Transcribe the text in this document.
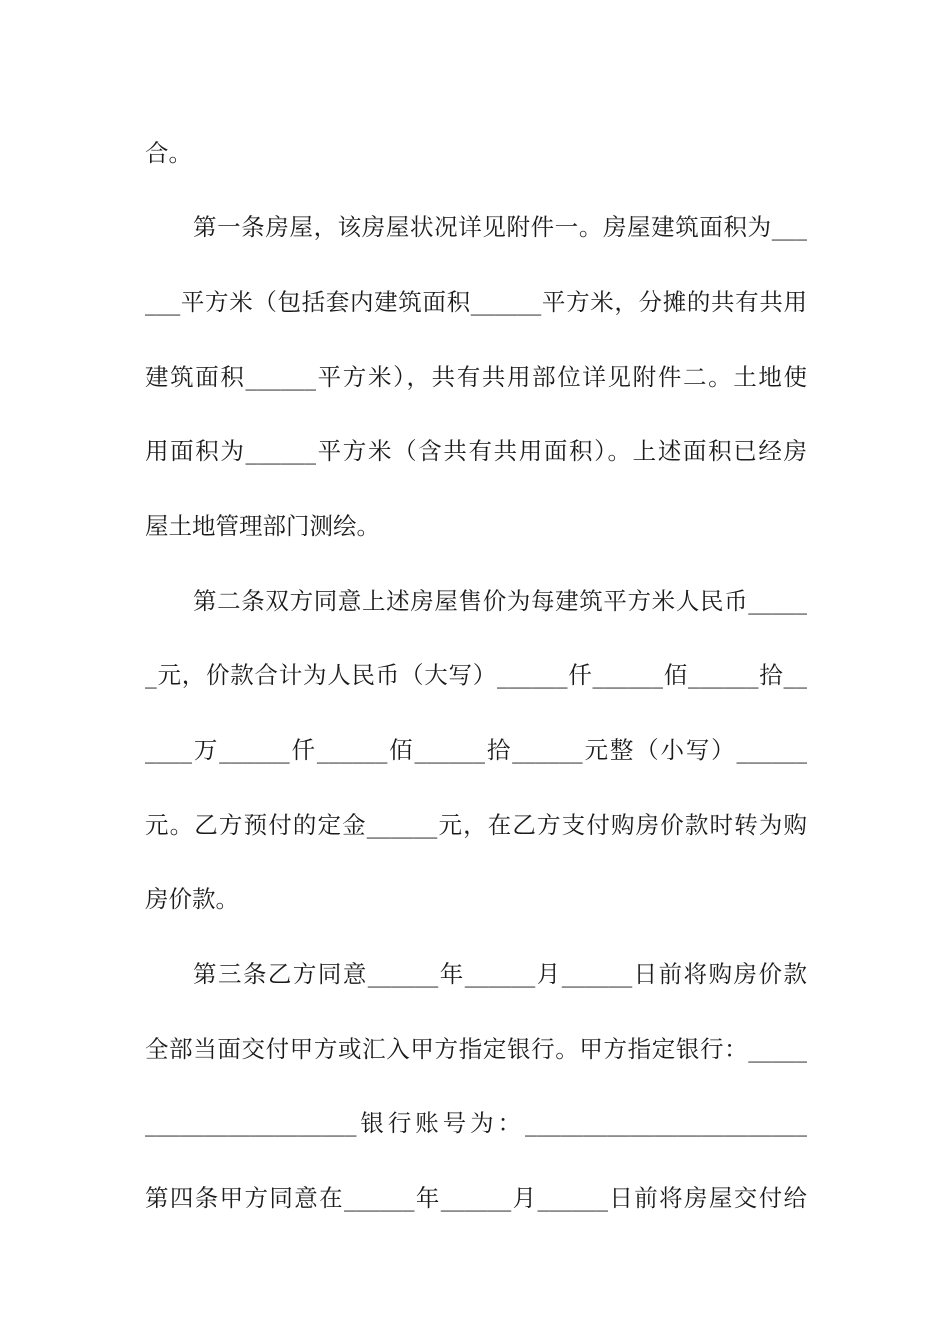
合。
第一条房屋，该房屋状况详见附件一。房屋建筑面积为___
___平方米（包括套内建筑面积______平方米，分摊的共有共用
建筑面积______平方米），共有共用部位详见附件二。土地使
用面积为______平方米（含共有共用面积）。上述面积已经房
屋土地管理部门测绘。
第二条双方同意上述房屋售价为每建筑平方米人民币_____
_元，价款合计为人民币（大写）______仟______佰______拾__
____万______仟______佰______拾______元整（小写）______
元。乙方预付的定金______元，在乙方支付购房价款时转为购
房价款。
第三条乙方同意______年______月______日前将购房价款
全部当面交付甲方或汇入甲方指定银行。甲方指定银行：_____
__________________银行账号为：________________________
第四条甲方同意在______年______月______日前将房屋交付给
